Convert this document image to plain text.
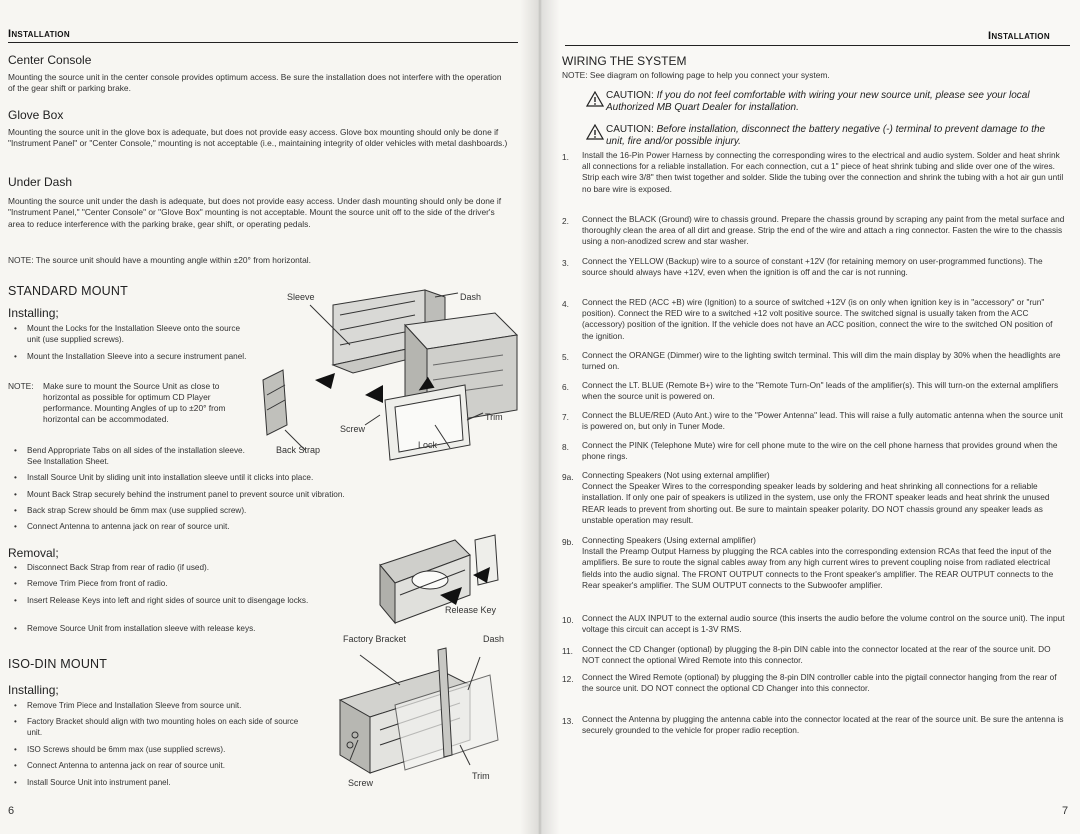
Installation
Center Console
Mounting the source unit in the center console provides optimum access. Be sure the installation does not interfere with the operation of the gear shift or parking brake.
Glove Box
Mounting the source unit in the glove box is adequate, but does not provide easy access. Glove box mounting should only be done if "Instrument Panel" or "Center Console," mounting is not acceptable (i.e., maintaining integrity of older vehicles with metal dashboards.)
Under Dash
Mounting the source unit under the dash is adequate, but does not provide easy access. Under dash mounting should only be done if "Instrument Panel," "Center Console" or "Glove Box" mounting is not acceptable. Mount the source unit off to the side of the driver's area to reduce interference with the parking brake, gear shift, or operating pedals.
NOTE: The source unit should have a mounting angle within ±20° from horizontal.
STANDARD MOUNT
Installing;
• Mount the Locks for the Installation Sleeve onto the source unit (use supplied screws).
• Mount the Installation Sleeve into a secure instrument panel.
NOTE: Make sure to mount the Source Unit as close to horizontal as possible for optimum CD Player performance. Mounting Angles of up to ±20° from horizontal can be accommodated.
• Bend Appropriate Tabs on all sides of the installation sleeve. See Installation Sheet.
• Install Source Unit by sliding unit into installation sleeve until it clicks into place.
• Mount Back Strap securely behind the instrument panel to prevent source unit vibration.
• Back strap Screw should be 6mm max (use supplied screw).
• Connect Antenna to antenna jack on rear of source unit.
Sleeve	Dash
Trim
Screw
Lock
Back Strap
Removal;
• Disconnect Back Strap from rear of radio (if used).
• Remove Trim Piece from front of radio.
• Insert Release Keys into left and right sides of source unit to disengage locks.
• Remove Source Unit from installation sleeve with release keys.
Release Key
Factory Bracket	Dash
ISO-DIN MOUNT
Installing;
• Remove Trim Piece and Installation Sleeve from source unit.
• Factory Bracket should align with two mounting holes on each side of source unit.
• ISO Screws should be 6mm max (use supplied screws).
• Connect Antenna to antenna jack on rear of source unit.
• Install Source Unit into instrument panel.	Screw
Trim
6
Installation
WIRING THE SYSTEM
NOTE: See diagram on following page to help you connect your system.
CAUTION: If you do not feel comfortable with wiring your new source unit, please see your local Authorized MB Quart Dealer for installation.
CAUTION: Before installation, disconnect the battery negative (-) terminal to prevent damage to the unit, fire and/or possible injury.
1. Install the 16-Pin Power Harness by connecting the corresponding wires to the electrical and audio system. Solder and heat shrink all connections for a reliable installation. For each connection, cut a 1" piece of heat shrink tubing and slide over one of the wires. Strip each wire 3/8" then twist together and solder. Slide the tubing over the connection and shrink the tubing with a hot air gun until no bare wire is exposed.
2. Connect the BLACK (Ground) wire to chassis ground. Prepare the chassis ground by scraping any paint from the metal surface and thoroughly clean the area of all dirt and grease. Strip the end of the wire and attach a ring connector. Fasten the wire to the chassis using a non-anodized screw and star washer.
3. Connect the YELLOW (Backup) wire to a source of constant +12V (for retaining memory on user-programmed functions). The source should always have +12V, even when the ignition is off and the car is not running.
4. Connect the RED (ACC +B) wire (Ignition) to a source of switched +12V (is on only when ignition key is in "accessory" or "run" position). Connect the RED wire to a switched +12 volt positive source. The switched signal is usually taken from the ACC (accessory) position of the ignition. If the vehicle does not have an ACC position, connect the wire to the switched ON position of the ignition.
5. Connect the ORANGE (Dimmer) wire to the lighting switch terminal. This will dim the main display by 30% when the headlights are turned on.
6. Connect the LT. BLUE (Remote B+) wire to the "Remote Turn-On" leads of the amplifier(s). This will turn-on the external amplifiers when the source unit is powered on.
7. Connect the BLUE/RED (Auto Ant.) wire to the "Power Antenna" lead. This will raise a fully automatic antenna when the source unit is powered on, but only in Tuner Mode.
8. Connect the PINK (Telephone Mute) wire for cell phone mute to the wire on the cell phone harness that provides ground when the phone rings.
9a. Connecting Speakers (Not using external amplifier)
Connect the Speaker Wires to the corresponding speaker leads by soldering and heat shrinking all connections for a reliable installation. If only one pair of speakers is utilized in the system, use only the FRONT speaker leads and heat shrink the unused REAR leads to prevent from shorting out. Be sure to maintain speaker polarity. DO NOT chassis ground any speaker leads as unstable operation may result.
9b. Connecting Speakers (Using external amplifier)
Install the Preamp Output Harness by plugging the RCA cables into the corresponding extension RCAs that feed the input of the amplifiers. Be sure to route the signal cables away from any high current wires to prevent coupling noise from radiated electrical fields into the audio signal. The FRONT OUTPUT connects to the Front speaker's amplifier. The REAR OUTPUT connects to the Rear speaker's amplifier. The SUM OUTPUT connects to the Subwoofer amplifier.
10. Connect the AUX INPUT to the external audio source (this inserts the audio before the volume control on the source unit). The input voltage this circuit can accept is 1-3V RMS.
11. Connect the CD Changer (optional) by plugging the 8-pin DIN cable into the connector located at the rear of the source unit. DO NOT connect the optional Wired Remote into this connector.
12. Connect the Wired Remote (optional) by plugging the 8-pin DIN controller cable into the pigtail connector hanging from the rear of the source unit. DO NOT connect the optional CD Changer into this connector.
13. Connect the Antenna by plugging the antenna cable into the connector located at the rear of the source unit. Be sure the antenna is securely grounded to the vehicle for proper radio reception.
7
